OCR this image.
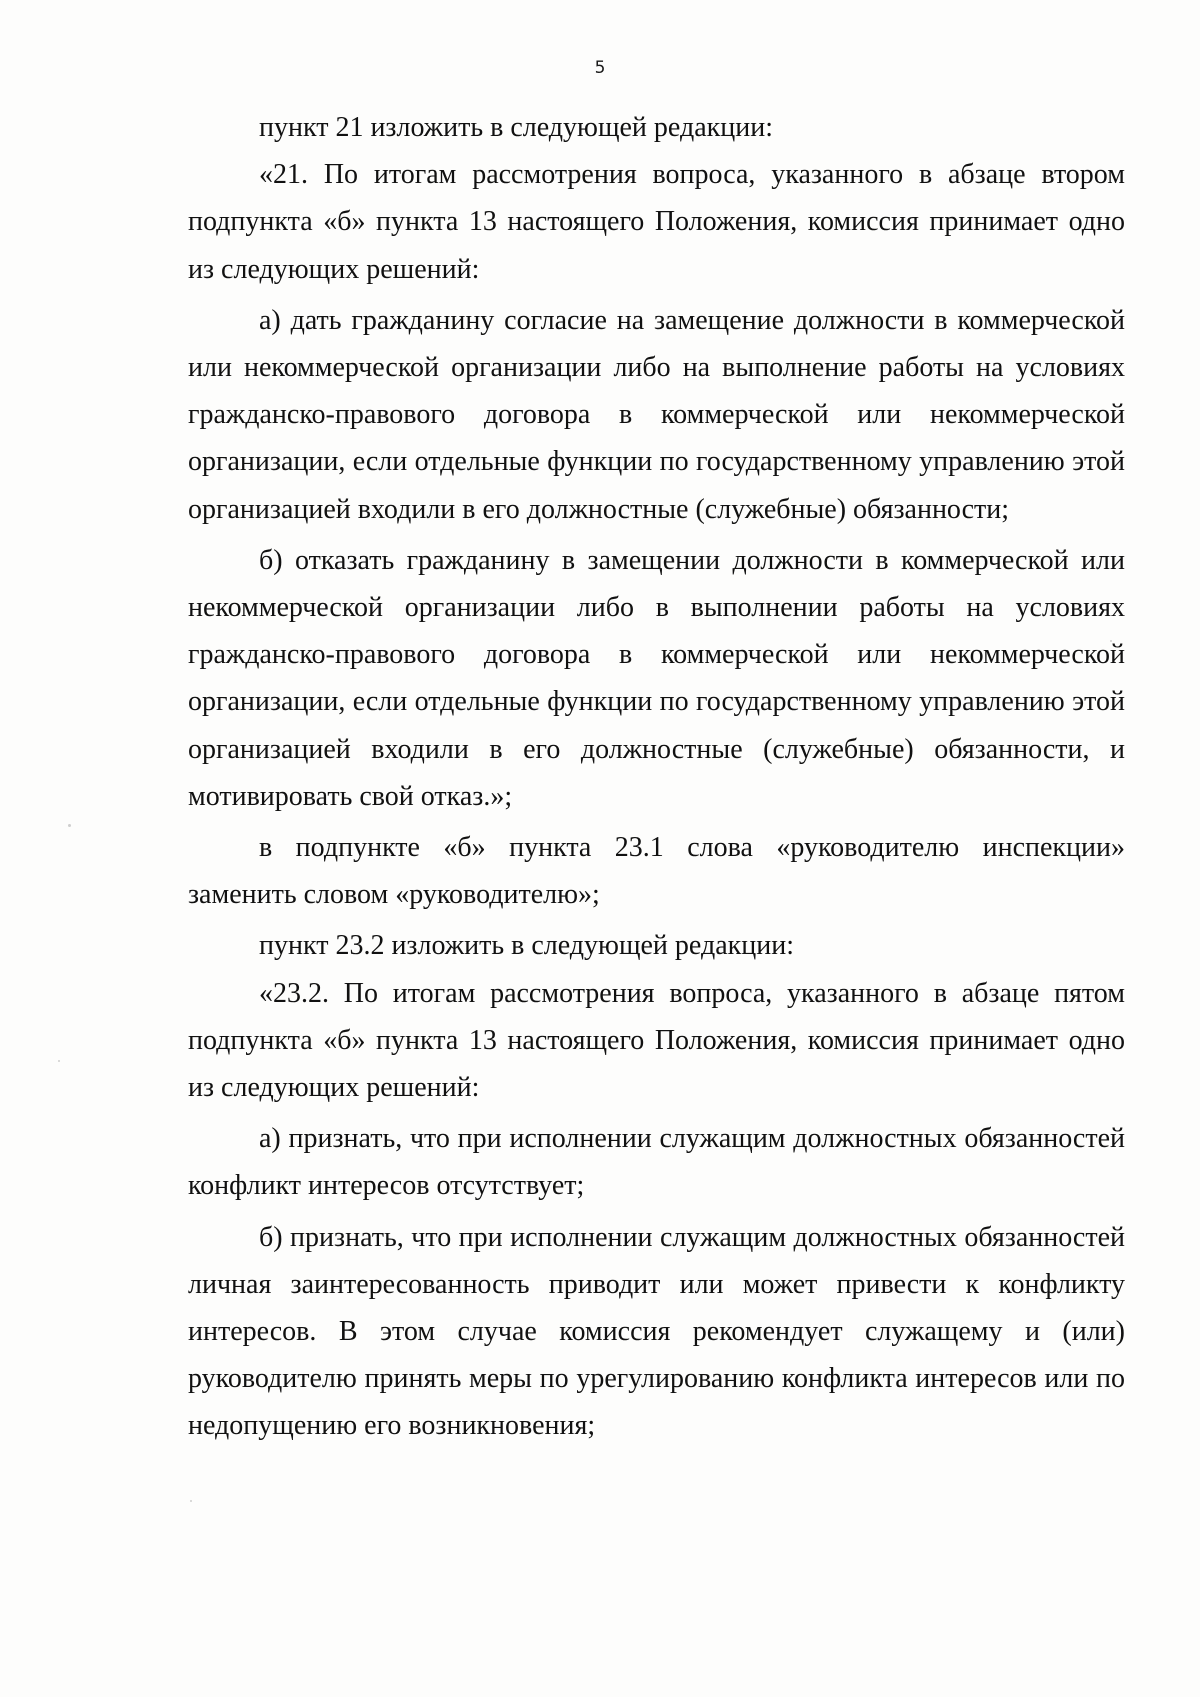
5

пункт 21 изложить в следующей редакции:

«21. По итогам рассмотрения вопроса, указанного в абзаце втором подпункта «б» пункта 13 настоящего Положения, комиссия принимает одно из следующих решений:

а) дать гражданину согласие на замещение должности в коммерческой или некоммерческой организации либо на выполнение работы на условиях гражданско-правового договора в коммерческой или некоммерческой организации, если отдельные функции по государственному управлению этой организацией входили в его должностные (служебные) обязанности;

б) отказать гражданину в замещении должности в коммерческой или некоммерческой организации либо в выполнении работы на условиях гражданско-правового договора в коммерческой или некоммерческой организации, если отдельные функции по государственному управлению этой организацией входили в его должностные (служебные) обязанности, и мотивировать свой отказ.»;

в подпункте «б» пункта 23.1 слова «руководителю инспекции» заменить словом «руководителю»;

пункт 23.2 изложить в следующей редакции:

«23.2. По итогам рассмотрения вопроса, указанного в абзаце пятом подпункта «б» пункта 13 настоящего Положения, комиссия принимает одно из следующих решений:

а) признать, что при исполнении служащим должностных обязанностей конфликт интересов отсутствует;

б) признать, что при исполнении служащим должностных обязанностей личная заинтересованность приводит или может привести к конфликту интересов. В этом случае комиссия рекомендует служащему и (или) руководителю принять меры по урегулированию конфликта интересов или по недопущению его возникновения;
